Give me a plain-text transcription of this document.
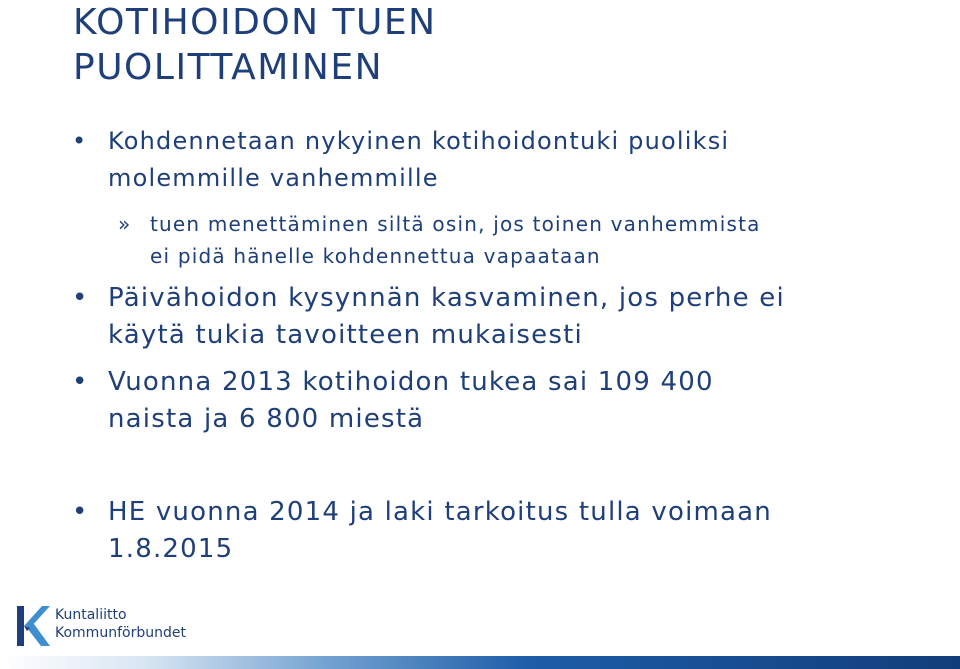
KOTIHOIDON TUEN
PUOLITTAMINEN
• Kohdennetaan nykyinen kotihoidontuki puoliksi
molemmille vanhemmille
» tuen menettäminen siltä osin, jos toinen vanhemmista
ei pidä hänelle kohdennettua vapaataan
• Päivähoidon kysynnän kasvaminen, jos perhe ei
käytä tukia tavoitteen mukaisesti
• Vuonna 2013 kotihoidon tukea sai 109 400
naista ja 6 800 miestä
• HE vuonna 2014 ja laki tarkoitus tulla voimaan
1.8.2015
Kuntaliitto
Kommunförbundet
